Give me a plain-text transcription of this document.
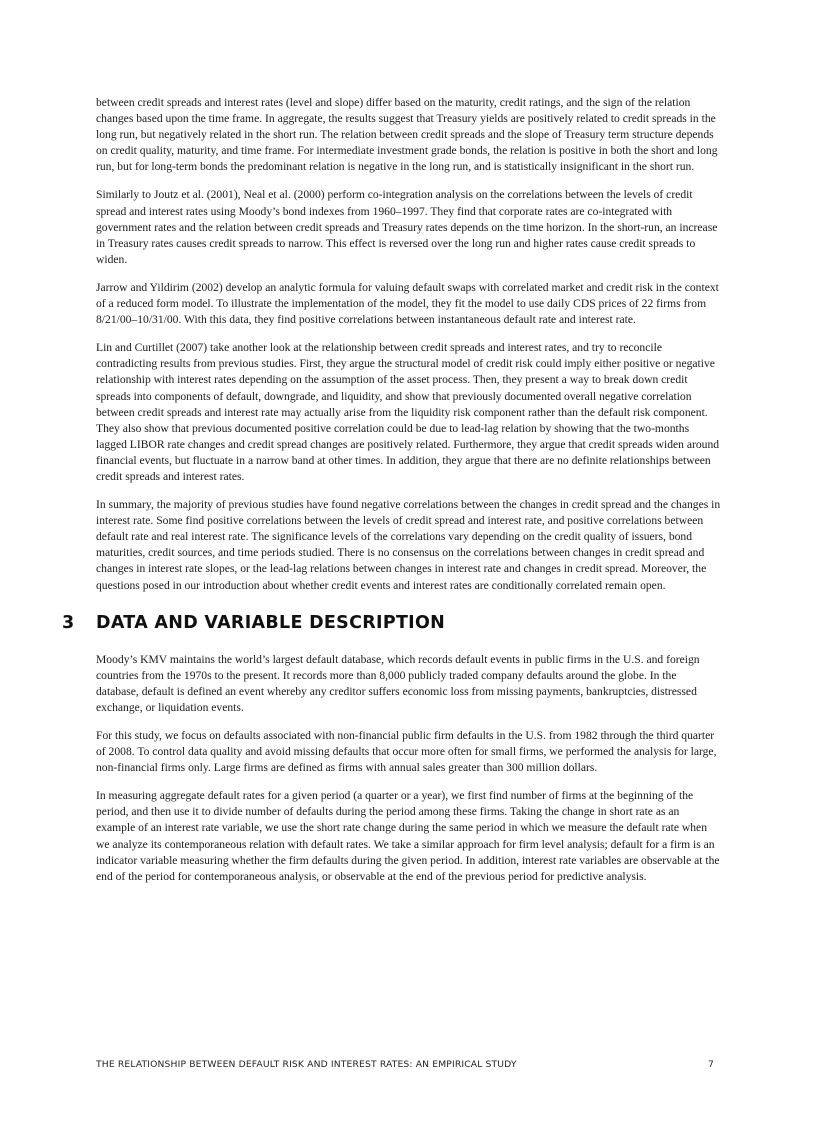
between credit spreads and interest rates (level and slope) differ based on the maturity, credit ratings, and the sign of the relation changes based upon the time frame. In aggregate, the results suggest that Treasury yields are positively related to credit spreads in the long run, but negatively related in the short run. The relation between credit spreads and the slope of Treasury term structure depends on credit quality, maturity, and time frame. For intermediate investment grade bonds, the relation is positive in both the short and long run, but for long-term bonds the predominant relation is negative in the long run, and is statistically insignificant in the short run.

Similarly to Joutz et al. (2001), Neal et al. (2000) perform co-integration analysis on the correlations between the levels of credit spread and interest rates using Moody’s bond indexes from 1960–1997. They find that corporate rates are co-integrated with government rates and the relation between credit spreads and Treasury rates depends on the time horizon. In the short-run, an increase in Treasury rates causes credit spreads to narrow. This effect is reversed over the long run and higher rates cause credit spreads to widen.

Jarrow and Yildirim (2002) develop an analytic formula for valuing default swaps with correlated market and credit risk in the context of a reduced form model. To illustrate the implementation of the model, they fit the model to use daily CDS prices of 22 firms from 8/21/00–10/31/00. With this data, they find positive correlations between instantaneous default rate and interest rate.

Lin and Curtillet (2007) take another look at the relationship between credit spreads and interest rates, and try to reconcile contradicting results from previous studies. First, they argue the structural model of credit risk could imply either positive or negative relationship with interest rates depending on the assumption of the asset process. Then, they present a way to break down credit spreads into components of default, downgrade, and liquidity, and show that previously documented overall negative correlation between credit spreads and interest rate may actually arise from the liquidity risk component rather than the default risk component. They also show that previous documented positive correlation could be due to lead-lag relation by showing that the two-months lagged LIBOR rate changes and credit spread changes are positively related. Furthermore, they argue that credit spreads widen around financial events, but fluctuate in a narrow band at other times. In addition, they argue that there are no definite relationships between credit spreads and interest rates.

In summary, the majority of previous studies have found negative correlations between the changes in credit spread and the changes in interest rate. Some find positive correlations between the levels of credit spread and interest rate, and positive correlations between default rate and real interest rate. The significance levels of the correlations vary depending on the credit quality of issuers, bond maturities, credit sources, and time periods studied. There is no consensus on the correlations between changes in credit spread and changes in interest rate slopes, or the lead-lag relations between changes in interest rate and changes in credit spread. Moreover, the questions posed in our introduction about whether credit events and interest rates are conditionally correlated remain open.

3 DATA AND VARIABLE DESCRIPTION

Moody’s KMV maintains the world’s largest default database, which records default events in public firms in the U.S. and foreign countries from the 1970s to the present. It records more than 8,000 publicly traded company defaults around the globe. In the database, default is defined an event whereby any creditor suffers economic loss from missing payments, bankruptcies, distressed exchange, or liquidation events.

For this study, we focus on defaults associated with non-financial public firm defaults in the U.S. from 1982 through the third quarter of 2008. To control data quality and avoid missing defaults that occur more often for small firms, we performed the analysis for large, non-financial firms only. Large firms are defined as firms with annual sales greater than 300 million dollars.

In measuring aggregate default rates for a given period (a quarter or a year), we first find number of firms at the beginning of the period, and then use it to divide number of defaults during the period among these firms. Taking the change in short rate as an example of an interest rate variable, we use the short rate change during the same period in which we measure the default rate when we analyze its contemporaneous relation with default rates. We take a similar approach for firm level analysis; default for a firm is an indicator variable measuring whether the firm defaults during the given period. In addition, interest rate variables are observable at the end of the period for contemporaneous analysis, or observable at the end of the previous period for predictive analysis.

THE RELATIONSHIP BETWEEN DEFAULT RISK AND INTEREST RATES: AN EMPIRICAL STUDY	7
